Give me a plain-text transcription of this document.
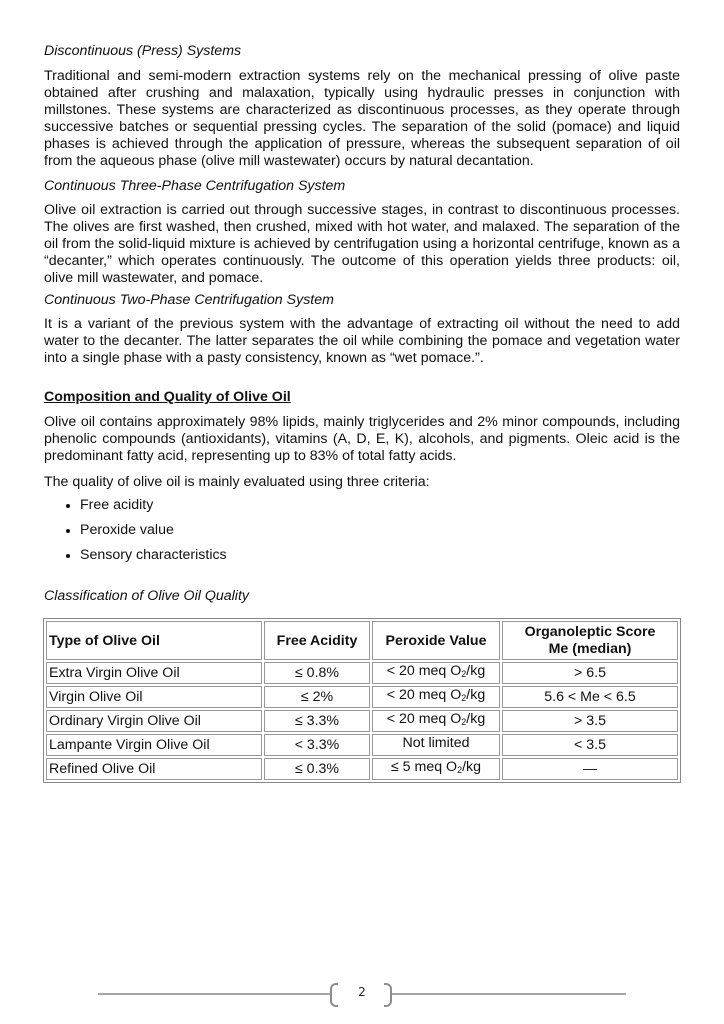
Discontinuous (Press) Systems
Traditional and semi-modern extraction systems rely on the mechanical pressing of olive paste obtained after crushing and malaxation, typically using hydraulic presses in conjunction with millstones. These systems are characterized as discontinuous processes, as they operate through successive batches or sequential pressing cycles. The separation of the solid (pomace) and liquid phases is achieved through the application of pressure, whereas the subsequent separation of oil from the aqueous phase (olive mill wastewater) occurs by natural decantation.
Continuous Three-Phase Centrifugation System
Olive oil extraction is carried out through successive stages, in contrast to discontinuous processes. The olives are first washed, then crushed, mixed with hot water, and malaxed. The separation of the oil from the solid-liquid mixture is achieved by centrifugation using a horizontal centrifuge, known as a “decanter,” which operates continuously. The outcome of this operation yields three products: oil, olive mill wastewater, and pomace.
Continuous Two-Phase Centrifugation System
It is a variant of the previous system with the advantage of extracting oil without the need to add water to the decanter. The latter separates the oil while combining the pomace and vegetation water into a single phase with a pasty consistency, known as “wet pomace.”.
Composition and Quality of Olive Oil
Olive oil contains approximately 98% lipids, mainly triglycerides and 2% minor compounds, including phenolic compounds (antioxidants), vitamins (A, D, E, K), alcohols, and pigments. Oleic acid is the predominant fatty acid, representing up to 83% of total fatty acids.
The quality of olive oil is mainly evaluated using three criteria:
Free acidity
Peroxide value
Sensory characteristics
Classification of Olive Oil Quality
Type of Olive Oil	Free Acidity	Peroxide Value	Organoleptic Score
Me (median)
Extra Virgin Olive Oil	≤ 0.8%	< 20 meq $O_2/kg$	> 6.5
Virgin Olive Oil	≤ 2%	< 20 meq $O_2/kg$	5.6 < Me < 6.5
Ordinary Virgin Olive Oil	≤ 3.3%	< 20 meq $O_2/kg$	> 3.5
Lampante Virgin Olive Oil	< 3.3%	Not limited	< 3.5
Refined Olive Oil	≤ 0.3%	≤ 5 meq $O_2/kg$	—
2
